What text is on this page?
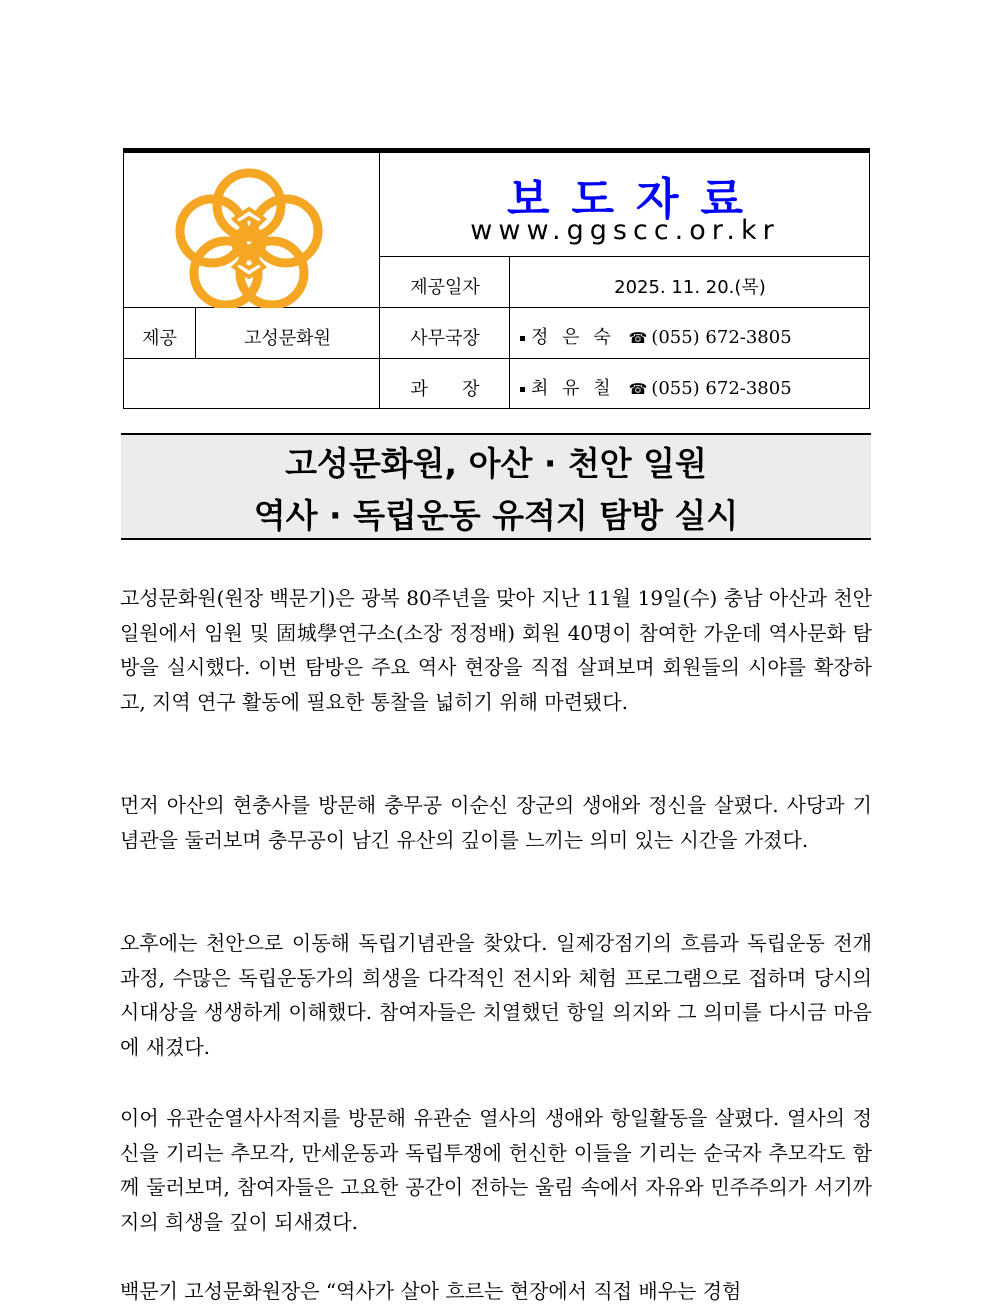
보도자료
www.ggscc.or.kr
제공일자	2025. 11. 20.(목)
제공	고성문화원	사무국장	정 은 숙 ☎ (055) 672-3805
과      장	최 유 칠 ☎ (055) 672-3805
고성문화원, 아산 · 천안 일원
역사 · 독립운동 유적지 탐방 실시
고성문화원(원장 백문기)은 광복 80주년을 맞아 지난 11월 19일(수) 충남 아산과 천안 일원에서 임원 및 固城學연구소(소장 정정배) 회원 40명이 참여한 가운데 역사문화 탐방을 실시했다. 이번 탐방은 주요 역사 현장을 직접 살펴보며 회원들의 시야를 확장하고, 지역 연구 활동에 필요한 통찰을 넓히기 위해 마련됐다.
먼저 아산의 현충사를 방문해 충무공 이순신 장군의 생애와 정신을 살폈다. 사당과 기념관을 둘러보며 충무공이 남긴 유산의 깊이를 느끼는 의미 있는 시간을 가졌다.
오후에는 천안으로 이동해 독립기념관을 찾았다. 일제강점기의 흐름과 독립운동 전개 과정, 수많은 독립운동가의 희생을 다각적인 전시와 체험 프로그램으로 접하며 당시의 시대상을 생생하게 이해했다. 참여자들은 치열했던 항일 의지와 그 의미를 다시금 마음에 새겼다.
이어 유관순열사사적지를 방문해 유관순 열사의 생애와 항일활동을 살폈다. 열사의 정신을 기리는 추모각, 만세운동과 독립투쟁에 헌신한 이들을 기리는 순국자 추모각도 함께 둘러보며, 참여자들은 고요한 공간이 전하는 울림 속에서 자유와 민주주의가 서기까지의 희생을 깊이 되새겼다.
백문기 고성문화원장은 “역사가 살아 흐르는 현장에서 직접 배우는 경험
